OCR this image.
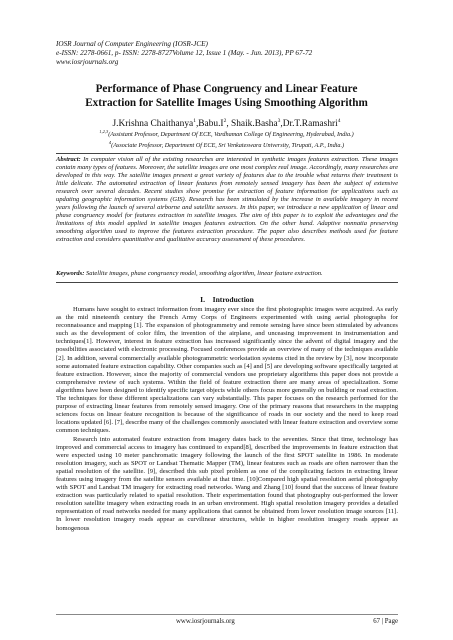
IOSR Journal of Computer Engineering (IOSR-JCE)
e-ISSN: 2278-0661, p- ISSN: 2278-8727Volume 12, Issue 1 (May. - Jun. 2013), PP 67-72
www.iosrjournals.org
Performance of Phase Congruency and Linear Feature
Extraction for Satellite Images Using Smoothing Algorithm
J.Krishna $Chaithanya^1,Babu.I^2$, Shaik.Basha$^3$,Dr.T.Ramashri$^4$
$^{1,2,3}$(Assistant Professor, Department Of ECE, Vardhaman College Of Engineering, Hyderabad, India.)
$^4$(Associate Professor, Department Of ECE, Sri Venkateswara University, Tirupati, A.P., India.)
Abstract: In computer vision all of the existing researches are interested in synthetic images features extraction. These images contain many types of features. Moreover, the satellite images are one most complex real image. Accordingly, many researches are developed in this way. The satellite images present a great variety of features due to the trouble what returns their treatment is little delicate. The automated extraction of linear features from remotely sensed imagery has been the subject of extensive research over several decades. Recent studies show promise for extraction of feature information for applications such as updating geographic information systems (GIS). Research has been stimulated by the increase in available imagery in recent years following the launch of several airborne and satellite sensors. In this paper, we introduce a new application of linear and phase congruency model for features extraction in satellite images. The aim of this paper is to exploit the advantages and the limitations of this model applied in satellite images features extraction. On the other hand. Adaptive nonnatia preserving smoothing algorithm used to improve the features extraction procedure. The paper also describes methods used for feature extraction and considers quantitative and qualitative accuracy assessment of these procedures.
Keywords: Satellite images, phase congruency model, smoothing algorithm, linear feature extraction.
I. Introduction

Humans have sought to extract information from imagery ever since the first photographic images were acquired. As early as the mid nineteenth century the French Army Corps of Engineers experimented with using aerial photographs for reconnaissance and mapping [1]. The expansion of photogrammetry and remote sensing have since been stimulated by advances such as the development of color film, the invention of the airplane, and unceasing improvement in instrumentation and techniques[1]. However, interest in feature extraction has increased significantly since the advent of digital imagery and the possibilities associated with electronic processing. Focused conferences provide an overview of many of the techniques available [2]. In addition, several commercially available photogrammetric workstation systems cited in the review by [3], now incorporate some automated feature extraction capability. Other companies such as [4] and [5] are developing software specifically targeted at feature extraction. However, since the majority of commercial vendors use proprietary algorithms this paper does not provide a comprehensive review of such systems. Within the field of feature extraction there are many areas of specialization. Some algorithms have been designed to identify specific target objects while others focus more generally on building or road extraction. The techniques for these different specializations can vary substantially. This paper focuses on the research performed for the purpose of extracting linear features from remotely sensed imagery. One of the primary reasons that researchers in the mapping sciences focus on linear feature recognition is because of the significance of roads in our society and the need to keep road locations updated [6]. [7], describe many of the challenges commonly associated with linear feature extraction and overview some common techniques.

Research into automated feature extraction from imagery dates back to the seventies. Since that time, technology has improved and commercial access to imagery has continued to expand[8], described the improvements in feature extraction that were expected using 10 meter panchromatic imagery following the launch of the first SPOT satellite in 1986. In moderate resolution imagery, such as SPOT or Landsat Thematic Mapper (TM), linear features such as roads are often narrower than the spatial resolution of the satellite. [9], described this sub pixel problem as one of the complicating factors in extracting linear features using imagery from the satellite sensors available at that time. [10]Compared high spatial resolution aerial photography with SPOT and Landsat TM imagery for extracting road networks. Wang and Zhang [10] found that the success of linear feature extraction was particularly related to spatial resolution. Their experimentation found that photography out-performed the lower resolution satellite imagery when extracting roads in an urban environment. High spatial resolution imagery provides a detailed representation of road networks needed for many applications that cannot be obtained from lower resolution image sources [11]. In lower resolution imagery roads appear as curvilinear structures, while in higher resolution imagery roads appear as homogenous

www.iosrjournals.org	67 | Page
